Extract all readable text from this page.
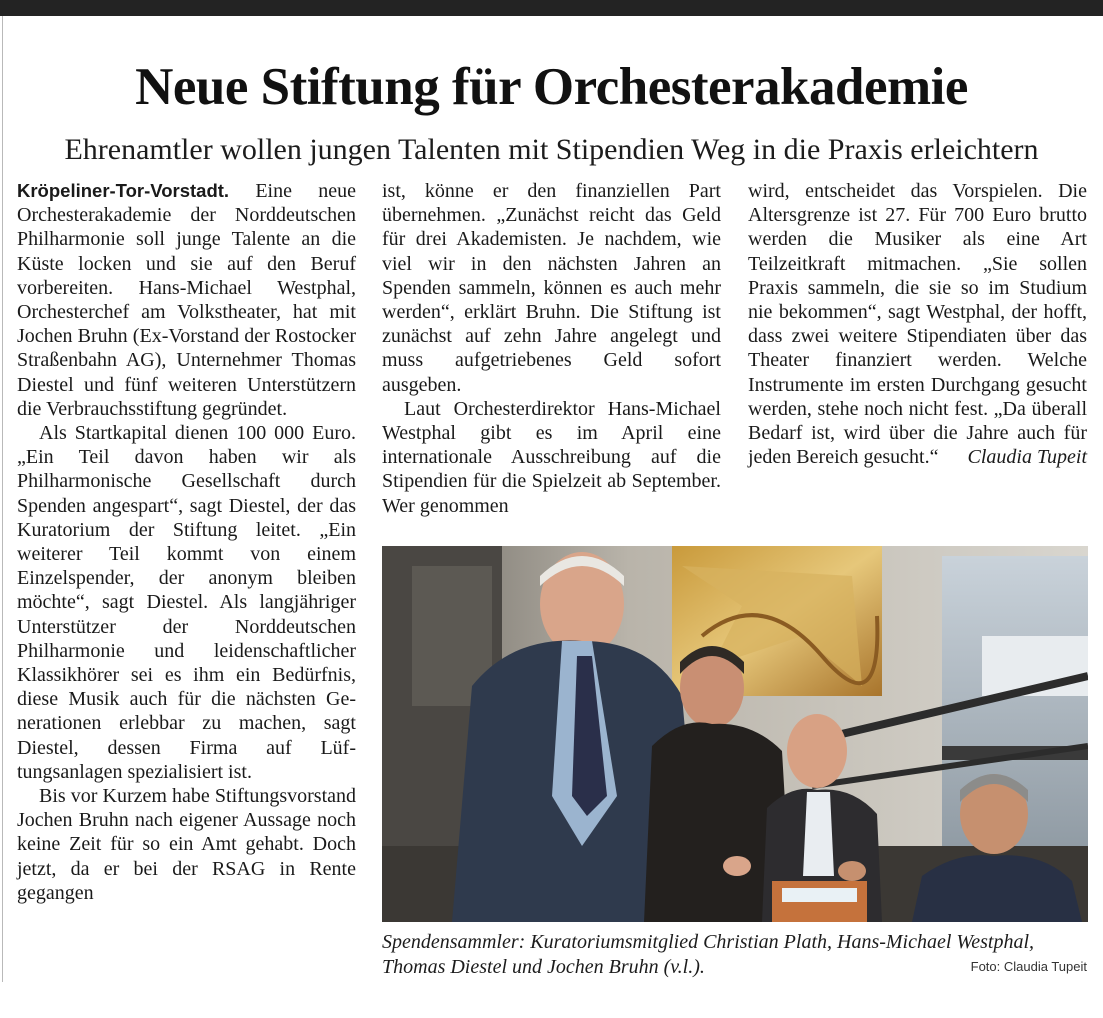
Neue Stiftung für Orchesterakademie
Ehrenamtler wollen jungen Talenten mit Stipendien Weg in die Praxis erleichtern

Kröpeliner-Tor-Vorstadt. Eine neue Orchesterakademie der Norddeutschen Philharmonie soll junge Talente an die Küste locken und sie auf den Beruf vorbereiten. Hans-Michael Westphal, Orchesterchef am Volkstheater, hat mit Jochen Bruhn (Ex-Vorstand der Rostocker Straßenbahn AG), Unternehmer Thomas Diestel und fünf weiteren Unterstützern die Verbrauchsstiftung gegründet.

Als Startkapital dienen 100 000 Euro. „Ein Teil davon haben wir als Philharmonische Gesellschaft durch Spenden angespart“, sagt Diestel, der das Kuratorium der Stiftung leitet. „Ein weiterer Teil kommt von einem Einzelspender, der anonym bleiben möchte“, sagt Diestel. Als langjähriger Unterstützer der Norddeutschen Philharmonie und leidenschaftlicher Klassikhörer sei es ihm ein Bedürfnis, diese Musik auch für die nächsten Generationen erlebbar zu machen, sagt Diestel, dessen Firma auf Lüftungsanlagen spezialisiert ist.

Bis vor Kurzem habe Stiftungsvorstand Jochen Bruhn nach eigener Aussage noch keine Zeit für so ein Amt gehabt. Doch jetzt, da er bei der RSAG in Rente gegangen

ist, könne er den finanziellen Part übernehmen. „Zunächst reicht das Geld für drei Akademisten. Je nachdem, wie viel wir in den nächsten Jahren an Spenden sammeln, können es auch mehr werden“, erklärt Bruhn. Die Stiftung ist zunächst auf zehn Jahre angelegt und muss aufgetriebenes Geld sofort ausgeben.

Laut Orchesterdirektor Hans-Michael Westphal gibt es im April eine internationale Ausschreibung auf die Stipendien für die Spielzeit ab September. Wer genommen

wird, entscheidet das Vorspielen. Die Altersgrenze ist 27. Für 700 Euro brutto werden die Musiker als eine Art Teilzeitkraft mitmachen. „Sie sollen Praxis sammeln, die sie so im Studium nie bekommen“, sagt Westphal, der hofft, dass zwei weitere Stipendiaten über das Theater finanziert werden. Welche Instrumente im ersten Durchgang gesucht werden, stehe noch nicht fest. „Da überall Bedarf ist, wird über die Jahre auch für jeden Bereich gesucht.“ Claudia Tupeit

Spendensammler: Kuratoriumsmitglied Christian Plath, Hans-Michael Westphal, Thomas Diestel und Jochen Bruhn (v.l.).	Foto: Claudia Tupeit
